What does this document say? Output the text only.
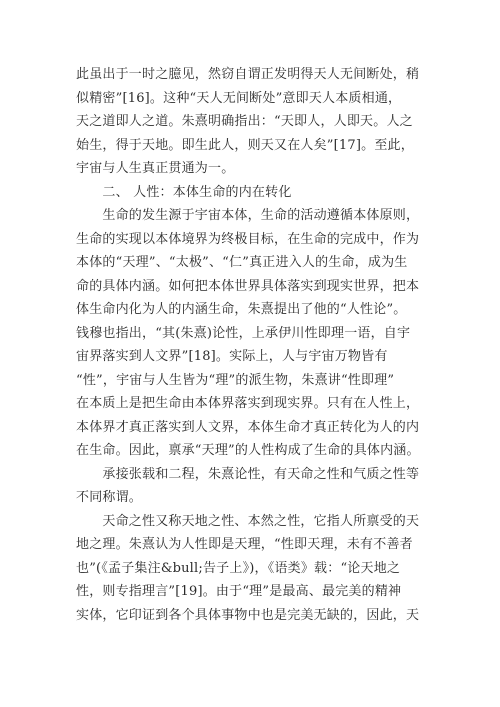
此虽出于一时之臆见，然窃自谓正发明得天人无间断处，稍
似精密”[16]。这种“天人无间断处”意即天人本质相通，
天之道即人之道。朱熹明确指出：“天即人，人即天。人之
始生，得于天地。即生此人，则天又在人矣”[17]。至此，
宇宙与人生真正贯通为一。
　　二、 人性：本体生命的内在转化
　　生命的发生源于宇宙本体，生命的活动遵循本体原则，
生命的实现以本体境界为终极目标，在生命的完成中，作为
本体的“天理”、“太极”、“仁”真正进入人的生命，成为生
命的具体内涵。如何把本体世界具体落实到现实世界，把本
体生命内化为人的内涵生命，朱熹提出了他的“人性论”。
钱穆也指出，“其(朱熹)论性，上承伊川性即理一语，自宇
宙界落实到人文界”[18]。实际上，人与宇宙万物皆有
“性”，宇宙与人生皆为“理”的派生物，朱熹讲“性即理”
在本质上是把生命由本体界落实到现实界。只有在人性上，
本体界才真正落实到人文界，本体生命才真正转化为人的内
在生命。因此，禀承“天理”的人性构成了生命的具体内涵。
　　承接张载和二程，朱熹论性，有天命之性和气质之性等
不同称谓。
　　天命之性又称天地之性、本然之性，它指人所禀受的天
地之理。朱熹认为人性即是天理，“性即天理，未有不善者
也”(《孟子集注&bull;告子上》)，《语类》载：“论天地之
性，则专指理言”[19]。由于“理”是最高、最完美的精神
实体，它印证到各个具体事物中也是完美无缺的，因此，天
